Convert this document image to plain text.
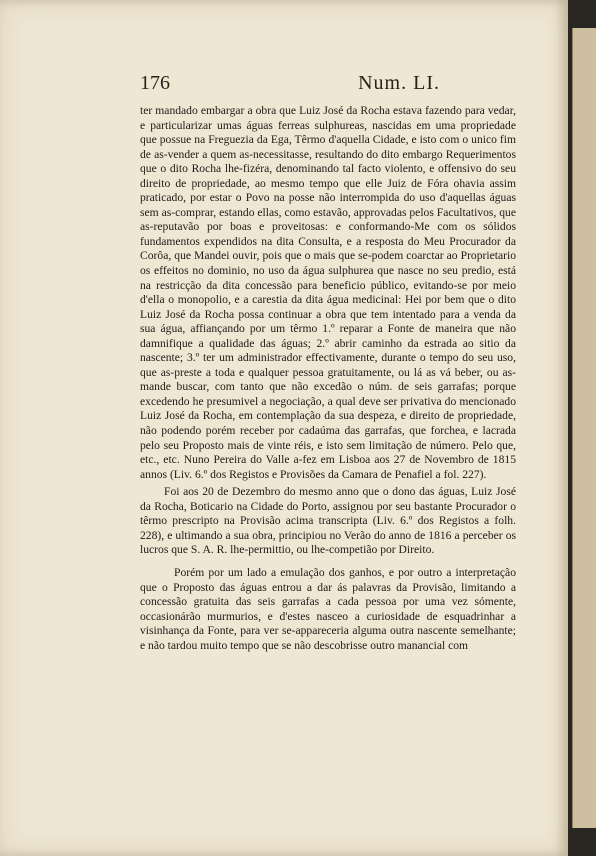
176	Num. LI.

ter mandado embargar a obra que Luiz José da Rocha estava fazendo para vedar, e particularizar umas águas ferreas sulphureas, nascidas em uma propriedade que possue na Freguezia da Ega, Têrmo d'aquella Cidade, e isto com o unico fim de as-vender a quem as-necessitasse, resultando do dito embargo Requerimentos que o dito Rocha lhe-fizéra, denominando tal facto violento, e offensivo do seu direito de propriedade, ao mesmo tempo que elle Juiz de Fóra ohavia assim praticado, por estar o Povo na posse não interrompida do uso d'aquellas águas sem as-comprar, estando ellas, como estavão, approvadas pelos Facultativos, que as-reputavão por boas e proveitosas: e conformando-Me com os sólidos fundamentos expendidos na dita Consulta, e a resposta do Meu Procurador da Corôa, que Mandei ouvir, pois que o mais que se-podem coarctar ao Proprietario os effeitos no dominio, no uso da água sulphurea que nasce no seu predio, está na restricção da dita concessão para beneficio público, evitando-se por meio d'ella o monopolio, e a carestia da dita água medicinal: Hei por bem que o dito Luiz José da Rocha possa continuar a obra que tem intentado para a venda da sua água, affiançando por um têrmo 1.º reparar a Fonte de maneira que não damnifique a qualidade das águas; 2.º abrir caminho da estrada ao sitio da nascente; 3.º ter um administrador effectivamente, durante o tempo do seu uso, que as-preste a toda e qualquer pessoa gratuitamente, ou lá as vá beber, ou as-mande buscar, com tanto que não excedão o núm. de seis garrafas; porque excedendo he presumivel a negociação, a qual deve ser privativa do mencionado Luiz José da Rocha, em contemplação da sua despeza, e direito de propriedade, não podendo porém receber por cadaúma das garrafas, que forchea, e lacrada pelo seu Proposto mais de vinte réis, e isto sem limitação de número. Pelo que, etc., etc. Nuno Pereira do Valle a-fez em Lisboa aos 27 de Novembro de 1815 annos (Liv. 6.º dos Registos e Provisões da Camara de Penafiel a fol. 227).

Foi aos 20 de Dezembro do mesmo anno que o dono das águas, Luiz José da Rocha, Boticario na Cidade do Porto, assignou por seu bastante Procurador o têrmo prescripto na Provisão acima transcripta (Liv. 6.º dos Registos a folh. 228), e ultimando a sua obra, principiou no Verão do anno de 1816 a perceber os lucros que S. A. R. lhe-permittio, ou lhe-competião por Direito.

Porém por um lado a emulação dos ganhos, e por outro a interpretação que o Proposto das águas entrou a dar ás palavras da Provisão, limitando a concessão gratuita das seis garrafas a cada pessoa por uma vez sómente, occasionárão murmurios, e d'estes nasceo a curiosidade de esquadrinhar a visinhança da Fonte, para ver se-appareceria alguma outra nascente semelhante; e não tardou muito tempo que se não descobrisse outro manancial com
